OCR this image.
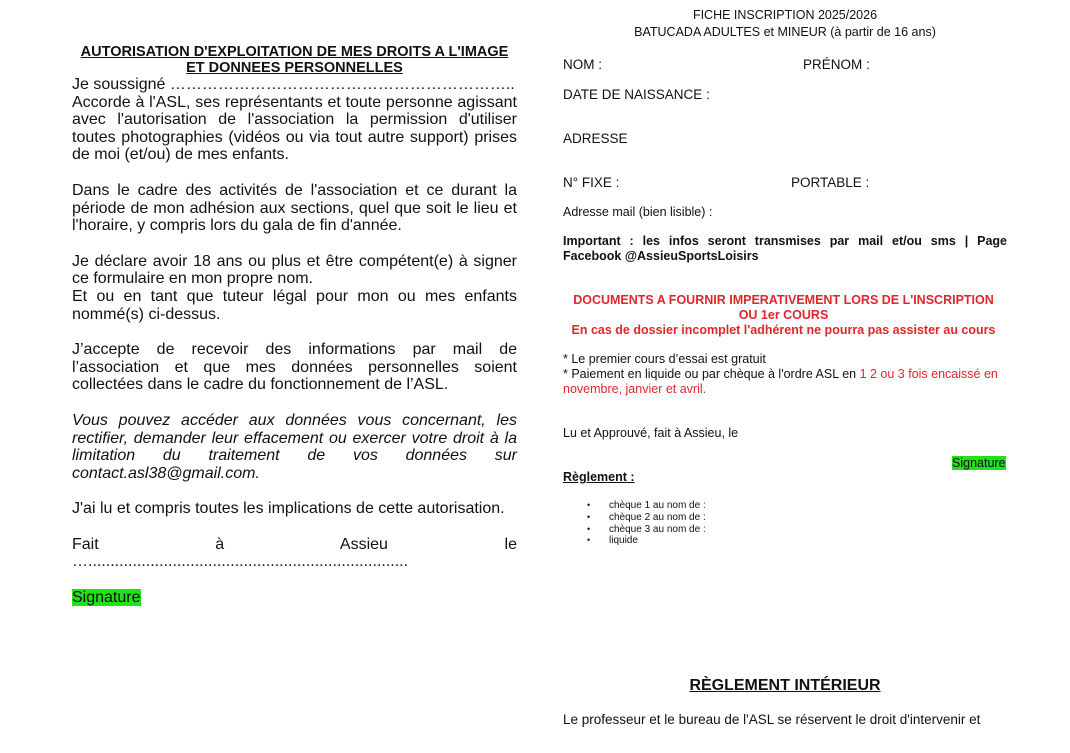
AUTORISATION D'EXPLOITATION DE MES DROITS A L'IMAGE ET DONNEES PERSONNELLES

Je soussigné ………………………………………………………..

Accorde à l'ASL, ses représentants et toute personne agissant avec l'autorisation de l'association la permission d'utiliser toutes photographies (vidéos ou via tout autre support) prises de moi (et/ou) de mes enfants.

Dans le cadre des activités de l'association et ce durant la période de mon adhésion aux sections, quel que soit le lieu et l'horaire, y compris lors du gala de fin d'année.

Je déclare avoir 18 ans ou plus et être compétent(e) à signer ce formulaire en mon propre nom.

Et ou en tant que tuteur légal pour mon ou mes enfants nommé(s) ci-dessus.

J’accepte de recevoir des informations par mail de l’association et que mes données personnelles soient collectées dans le cadre du fonctionnement de l’ASL.

Vous pouvez accéder aux données vous concernant, les rectifier, demander leur effacement ou exercer votre droit à la limitation du traitement de vos données sur contact.asl38@gmail.com.

J'ai lu et compris toutes les implications de cette autorisation.

Fait à Assieu le …........................................................................

Signature

FICHE INSCRIPTION 2025/2026
BATUCADA ADULTES et MINEUR (à partir de 16 ans)
NOM :	PRÉNOM :
DATE DE NAISSANCE :
ADRESSE
N° FIXE :	PORTABLE :
Adresse mail (bien lisible) :
Important : les infos seront transmises par mail et/ou sms | Page Facebook @AssieuSportsLoisirs
DOCUMENTS A FOURNIR IMPERATIVEMENT LORS DE L'INSCRIPTION
OU 1er COURS
En cas de dossier incomplet l'adhérent ne pourra pas assister au cours
* Le premier cours d’essai est gratuit
* Paiement en liquide ou par chèque à l'ordre ASL en 1 2 ou 3 fois encaissé en novembre, janvier et avril.
Lu et Approuvé, fait à Assieu, le
Signature
Règlement :
• chèque 1 au nom de :
• chèque 2 au nom de :
• chèque 3 au nom de :
• liquide
RÈGLEMENT INTÉRIEUR
Le professeur et le bureau de l'ASL se réservent le droit d'intervenir et
